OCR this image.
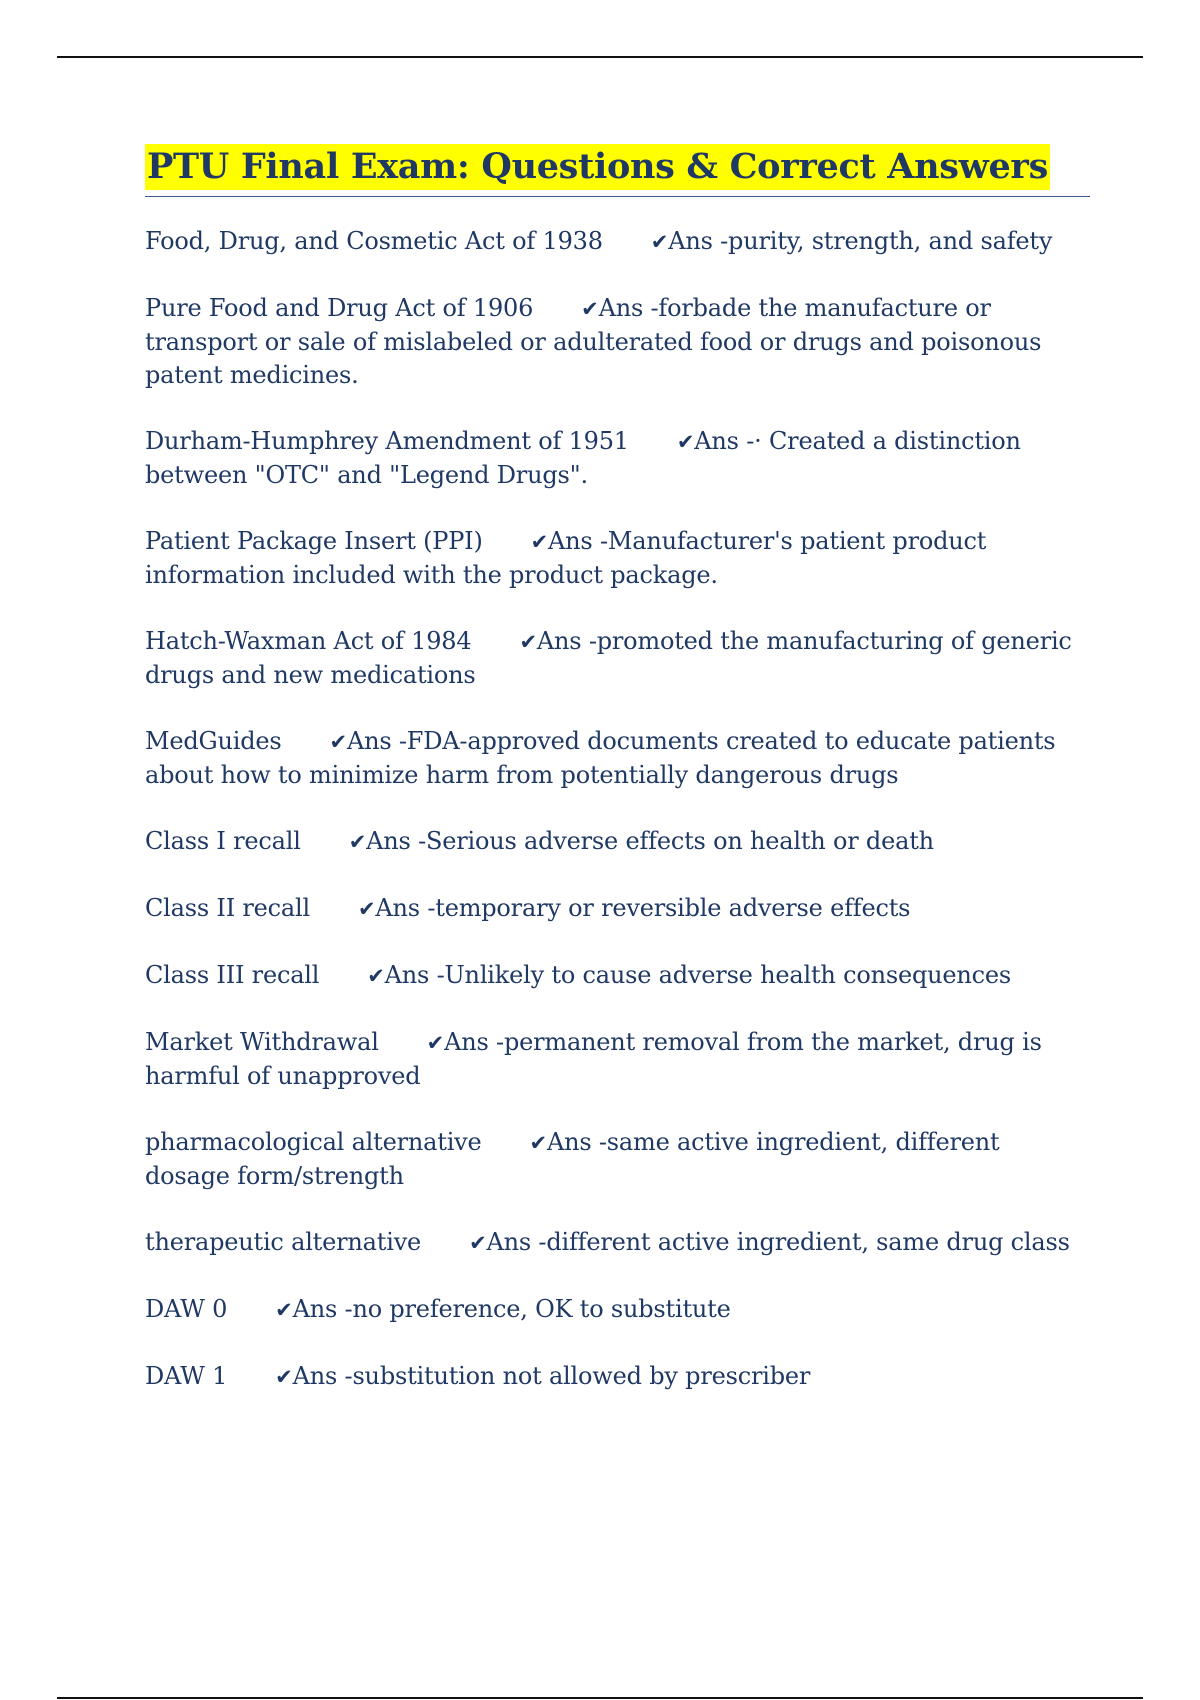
PTU Final Exam: Questions & Correct Answers

Food, Drug, and Cosmetic Act of 1938 ✔Ans -purity, strength, and safety

Pure Food and Drug Act of 1906 ✔Ans -forbade the manufacture or transport or sale of mislabeled or adulterated food or drugs and poisonous patent medicines.

Durham-Humphrey Amendment of 1951 ✔Ans -· Created a distinction between "OTC" and "Legend Drugs".

Patient Package Insert (PPI) ✔Ans -Manufacturer's patient product information included with the product package.

Hatch-Waxman Act of 1984 ✔Ans -promoted the manufacturing of generic drugs and new medications

MedGuides ✔Ans -FDA-approved documents created to educate patients about how to minimize harm from potentially dangerous drugs

Class I recall ✔Ans -Serious adverse effects on health or death

Class II recall ✔Ans -temporary or reversible adverse effects

Class III recall ✔Ans -Unlikely to cause adverse health consequences

Market Withdrawal ✔Ans -permanent removal from the market, drug is harmful of unapproved

pharmacological alternative ✔Ans -same active ingredient, different dosage form/strength

therapeutic alternative ✔Ans -different active ingredient, same drug class

DAW 0 ✔Ans -no preference, OK to substitute

DAW 1 ✔Ans -substitution not allowed by prescriber
